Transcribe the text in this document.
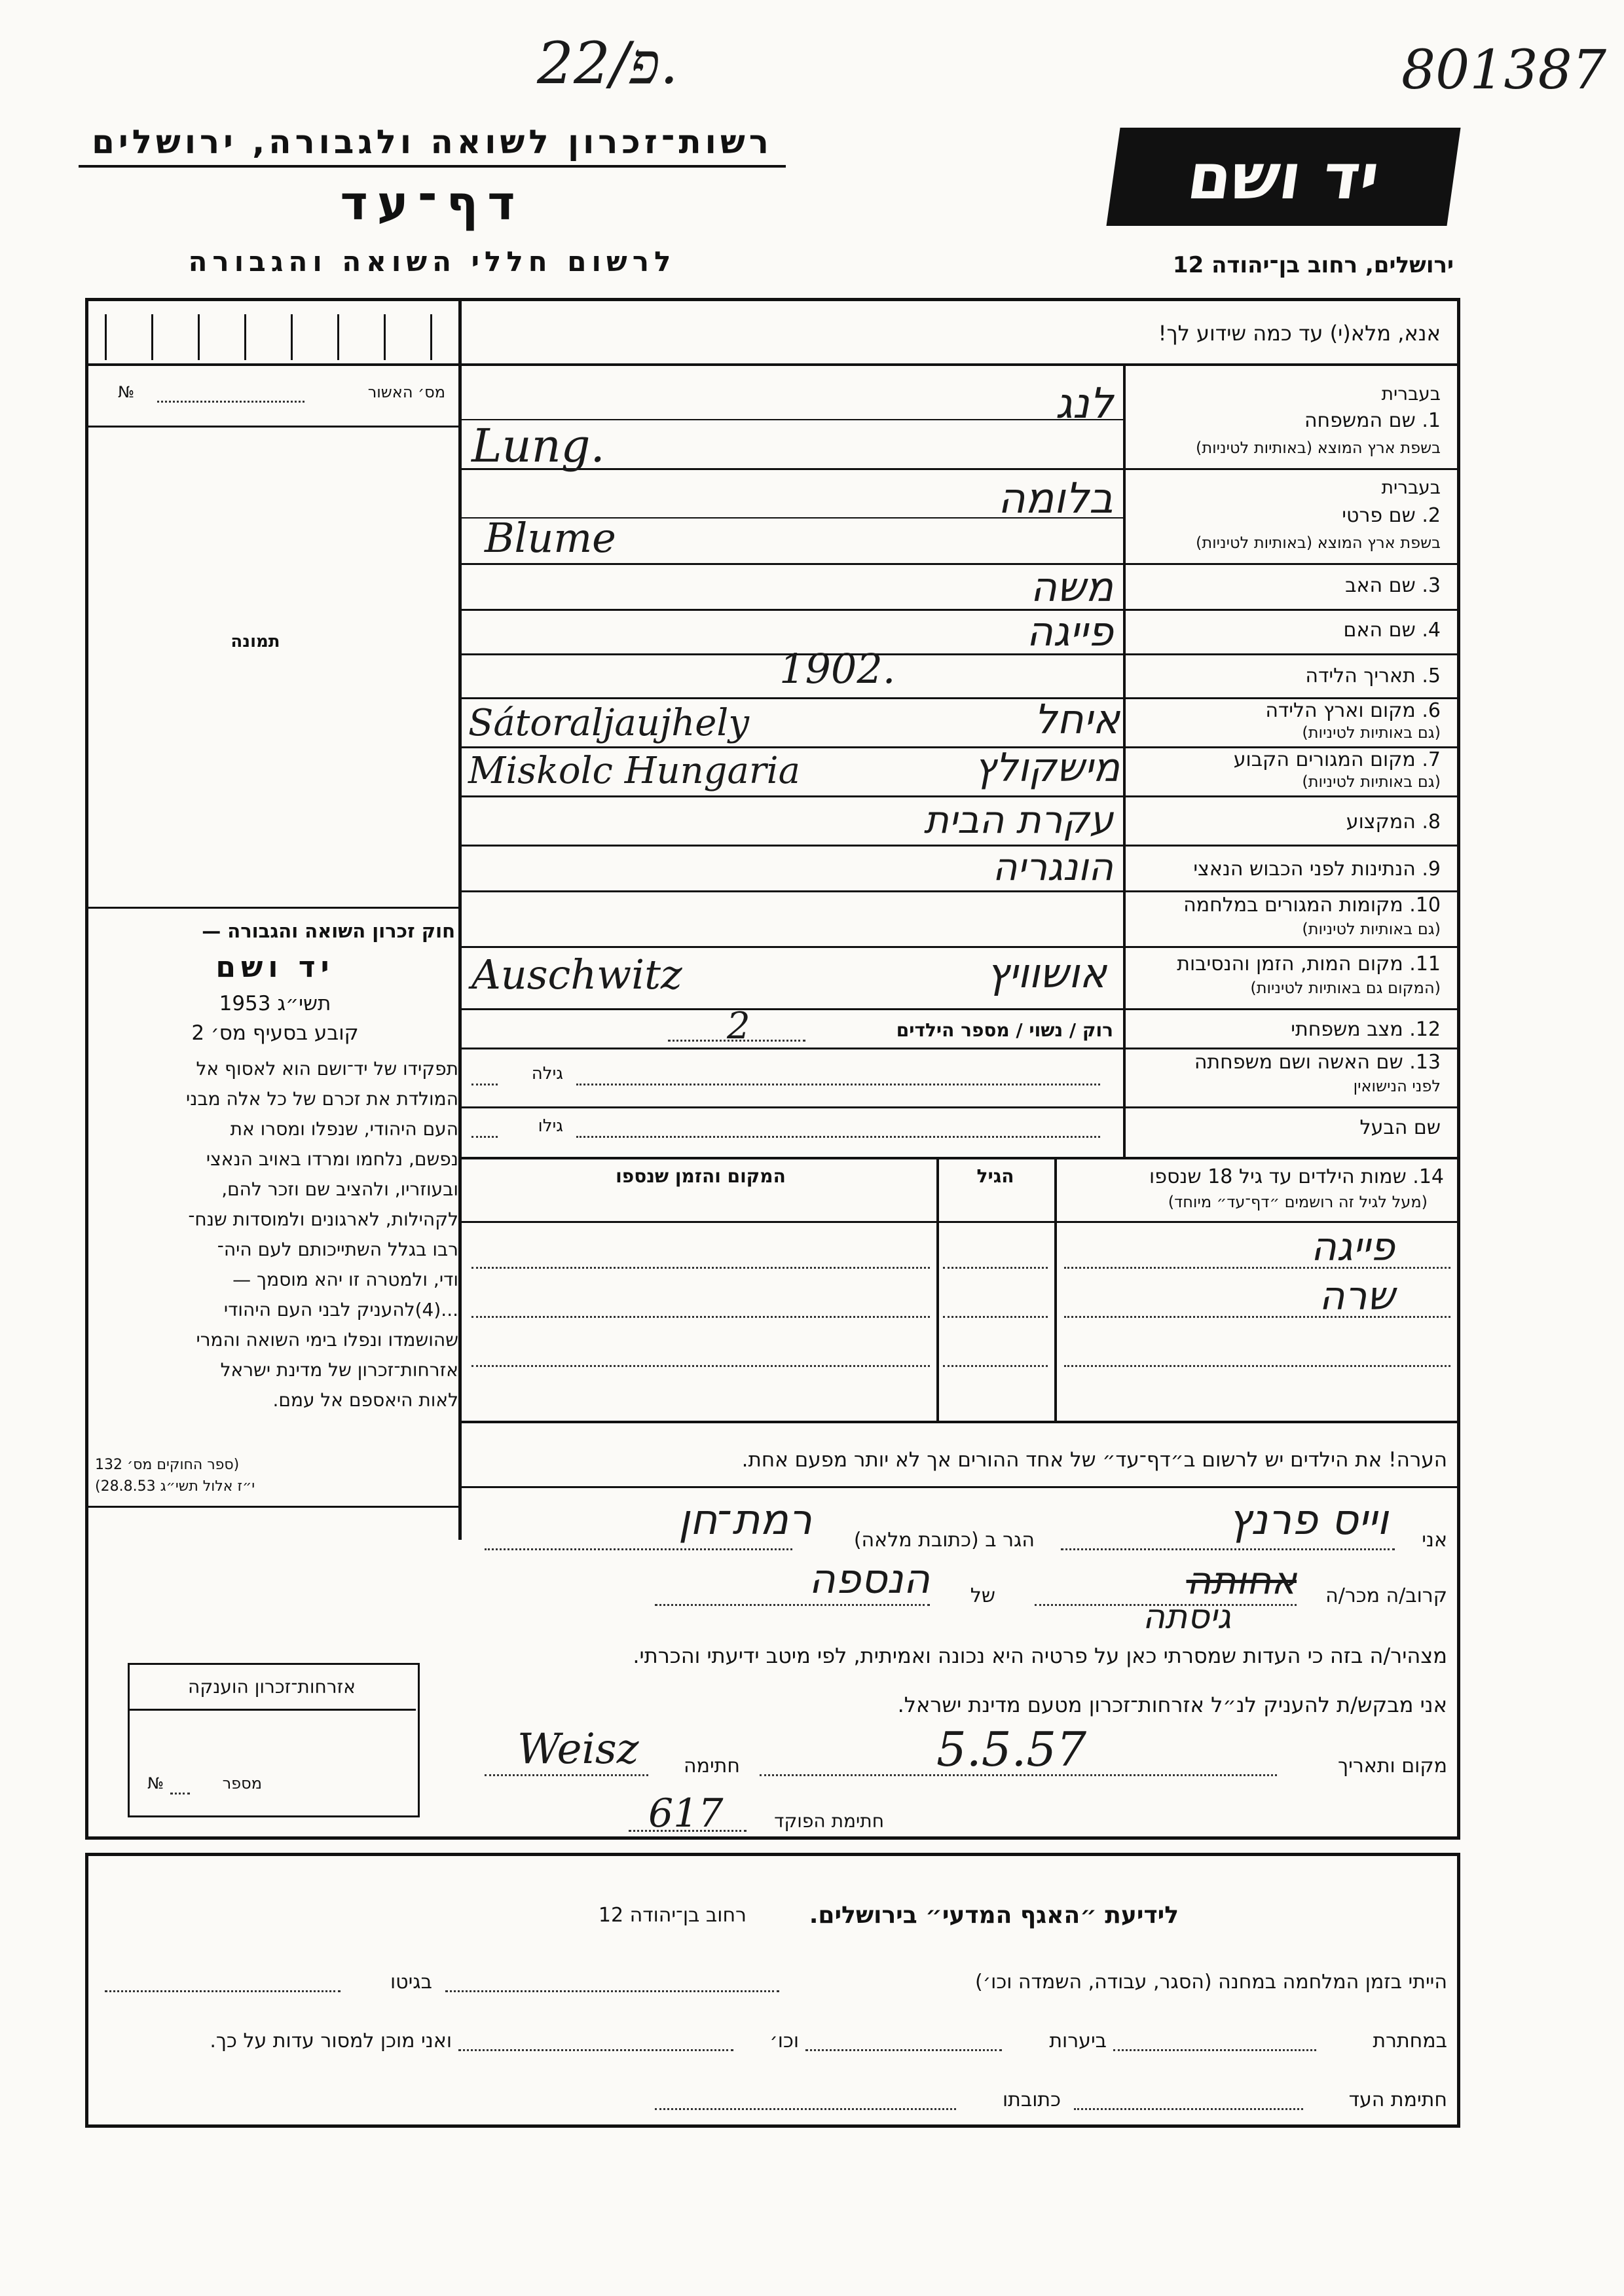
22/פ.	801387
רשות־זכרון לשואה ולגבורה, ירושלים
דף־עד
לרשום חללי השואה והגבורה
יד ושם
ירושלים, רחוב בן־יהודה 12
אנא, מלא(י) עד כמה שידוע לך!
מס׳ האשור
№
תמונה
חוק זכרון השואה והגבורה —
יד ושם
תשי״ג 1953
קובע בסעיף מס׳ 2
תפקידו של יד־ושם הוא לאסוף אל
המולדת את זכרם של כל אלה מבני
העם היהודי, שנפלו ומסרו את
נפשם, נלחמו ומרדו באויב הנאצי
ובעוזריו, ולהציב שם וזכר להם,
לקהילות, לארגונים ולמוסדות שנח־
רבו בגלל השתייכותם לעם היה־
ודי, ולמטרה זו יהא מוסמך —
...(4)להעניק לבני העם היהודי
שהושמדו ונפלו בימי השואה והמרי
אזרחות־זכרון של מדינת ישראל
לאות היאספם אל עמם.
(ספר החוקים מס׳ 132
י״ז אלול תשי״ג 28.8.53)
אזרחות־זכרון הוענקה
מספר
№
בעברית
1. שם המשפחה
בשפת ארץ המוצא (באותיות לטיניות)
לנג
Lung.
בעברית
2. שם פרטי
בשפת ארץ המוצא (באותיות לטיניות)
בלומה
Blume
3. שם האב
משה
4. שם האם
פייגה
5. תאריך הלידה
1902.
6. מקום וארץ הלידה
(גם באותיות לטיניות)
איחל
Sátoraljaujhely
7. מקום המגורים הקבוע
(גם באותיות לטיניות)
מישקולץ
Miskolc Hungaria
8. המקצוע
עקרת הבית
9. הנתינות לפני הכבוש הנאצי
הונגריה
10. מקומות המגורים במלחמה
(גם באותיות לטיניות)
11. מקום המות, הזמן והנסיבות
(המקום גם באותיות לטיניות)
אושוויץ
Auschwitz
12. מצב משפחתי
רוק / נשוי / מספר הילדים
2
13. שם האשה ושם משפחתה
לפני הנישואין
גילה
שם הבעל
גילו
14. שמות הילדים עד גיל 18 שנספו
(מעל לגיל זה רושמים ״דף־עד״ מיוחד)
הגיל
המקום והזמן שנספו
פייגה
שרה
הערה! את הילדים יש לרשום ב״דף־עד״ של אחד ההורים אך לא יותר מפעם אחת.
אני
וייס פרנץ
הגר ב (כתובת מלאה)
רמת־חן
קרוב/ה מכר/ה
אחותה
גיסתה
של
הנספה
מצהיר/ה בזה כי העדות שמסרתי כאן על פרטיה היא נכונה ואמיתית, לפי מיטב ידיעתי והכרתי.
אני מבקש/ת להעניק לנ״ל אזרחות־זכרון מטעם מדינת ישראל.
מקום ותאריך
5.5.57
חתימה
Weisz
חתימת הפוקד
617
לידיעת ״האגף המדעי״ בירושלים.
רחוב בן־יהודה 12
הייתי בזמן המלחמה במחנה (הסגר, עבודה, השמדה וכו׳)
בגיטו
במחתרת
ביערות
וכו׳
ואני מוכן למסור עדות על כך.
חתימת העד
כתובתו
